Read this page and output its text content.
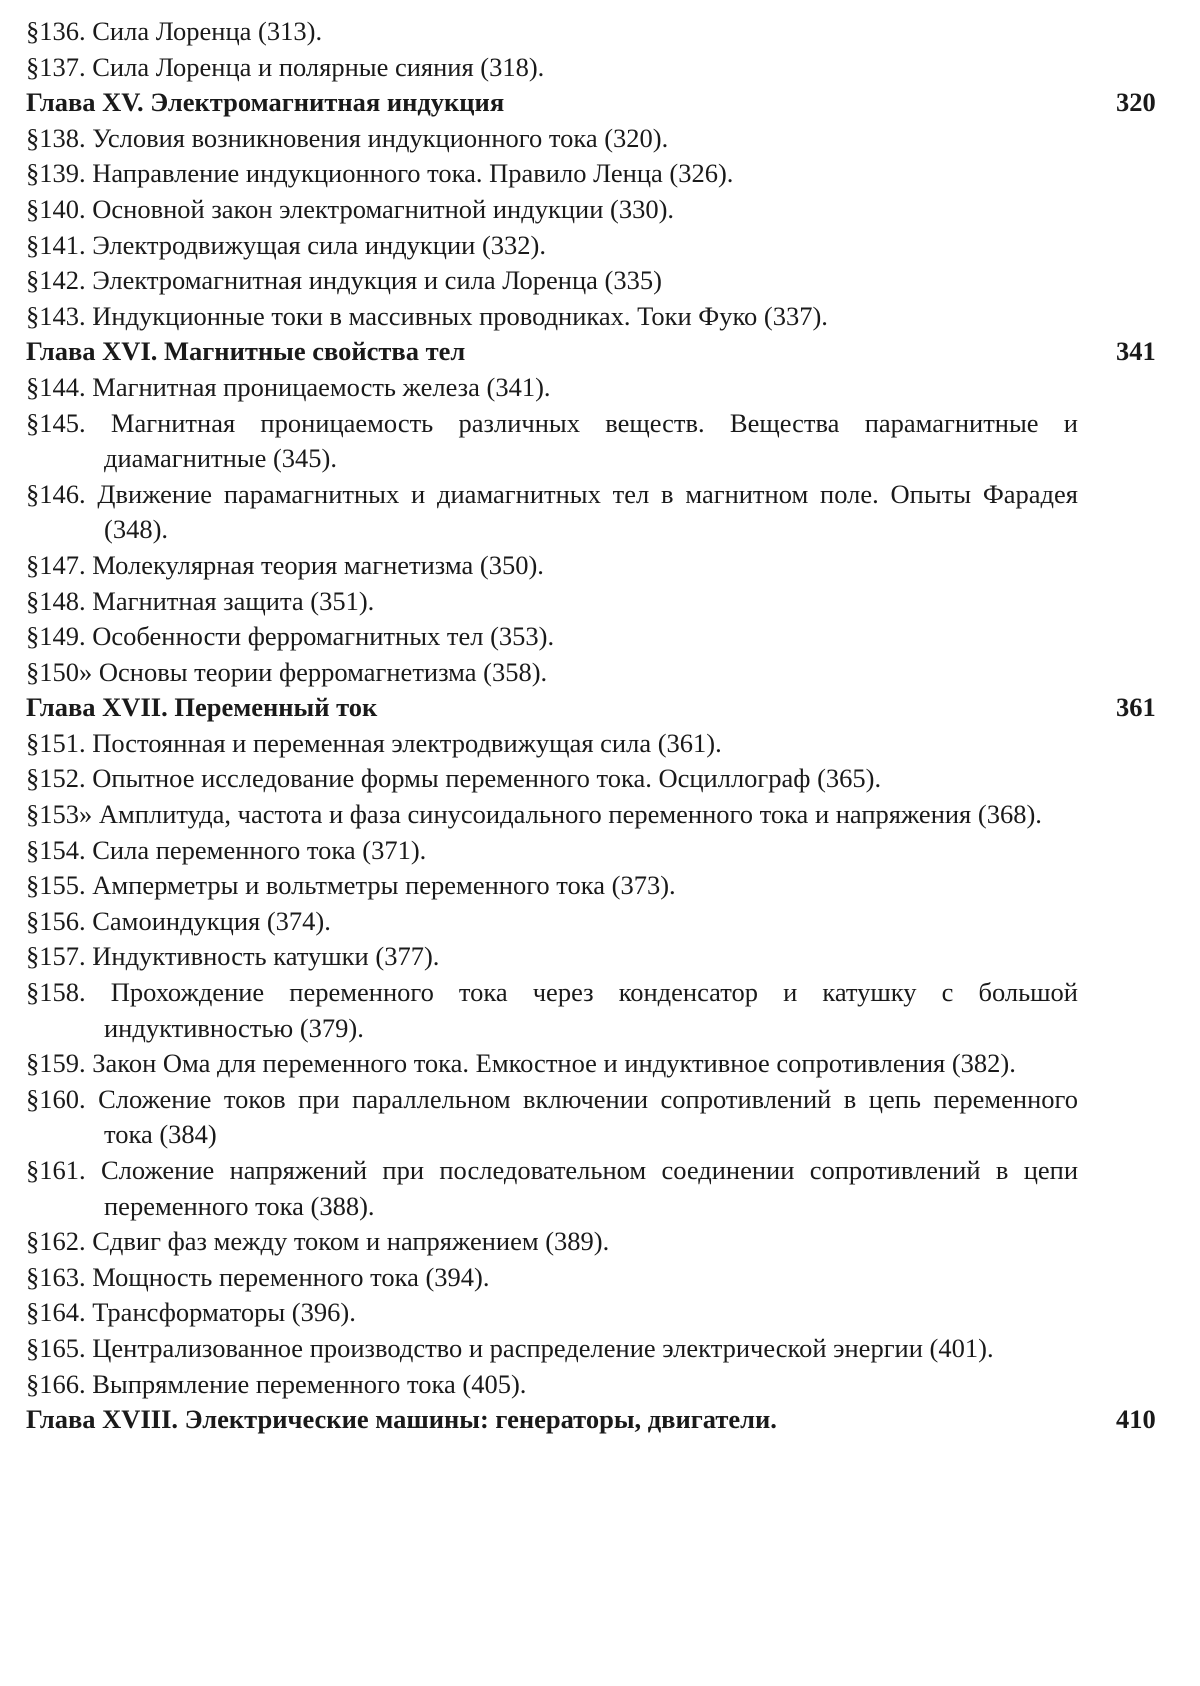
§136. Сила Лоренца (313).
§137. Сила Лоренца и полярные сияния (318).
Глава XV. Электромагнитная индукция	320
§138. Условия возникновения индукционного тока (320).
§139. Направление индукционного тока. Правило Ленца (326).
§140. Основной закон электромагнитной индукции (330).
§141. Электродвижущая сила индукции (332).
§142. Электромагнитная индукция и сила Лоренца (335)
§143. Индукционные токи в массивных проводниках. Токи Фуко (337).
Глава XVI. Магнитные свойства тел	341
§144. Магнитная проницаемость железа (341).
§145. Магнитная проницаемость различных веществ. Вещества парамагнитные и диамагнитные (345).
§146. Движение парамагнитных и диамагнитных тел в магнитном поле. Опыты Фарадея (348).
§147. Молекулярная теория магнетизма (350).
§148. Магнитная защита (351).
§149. Особенности ферромагнитных тел (353).
§150» Основы теории ферромагнетизма (358).
Глава XVII. Переменный ток	361
§151. Постоянная и переменная электродвижущая сила (361).
§152. Опытное исследование формы переменного тока. Осциллограф (365).
§153» Амплитуда, частота и фаза синусоидального переменного тока и напряжения (368).
§154. Сила переменного тока (371).
§155. Амперметры и вольтметры переменного тока (373).
§156. Самоиндукция (374).
§157. Индуктивность катушки (377).
§158. Прохождение переменного тока через конденсатор и катушку с большой индуктивностью (379).
§159. Закон Ома для переменного тока. Емкостное и индуктивное сопротивления (382).
§160. Сложение токов при параллельном включении сопротивлений в цепь переменного тока (384)
§161. Сложение напряжений при последовательном соединении сопротивлений в цепи переменного тока (388).
§162. Сдвиг фаз между током и напряжением (389).
§163. Мощность переменного тока (394).
§164. Трансформаторы (396).
§165. Централизованное производство и распределение электрической энергии (401).
§166. Выпрямление переменного тока (405).
Глава XVIII. Электрические машины: генераторы, двигатели.	410
